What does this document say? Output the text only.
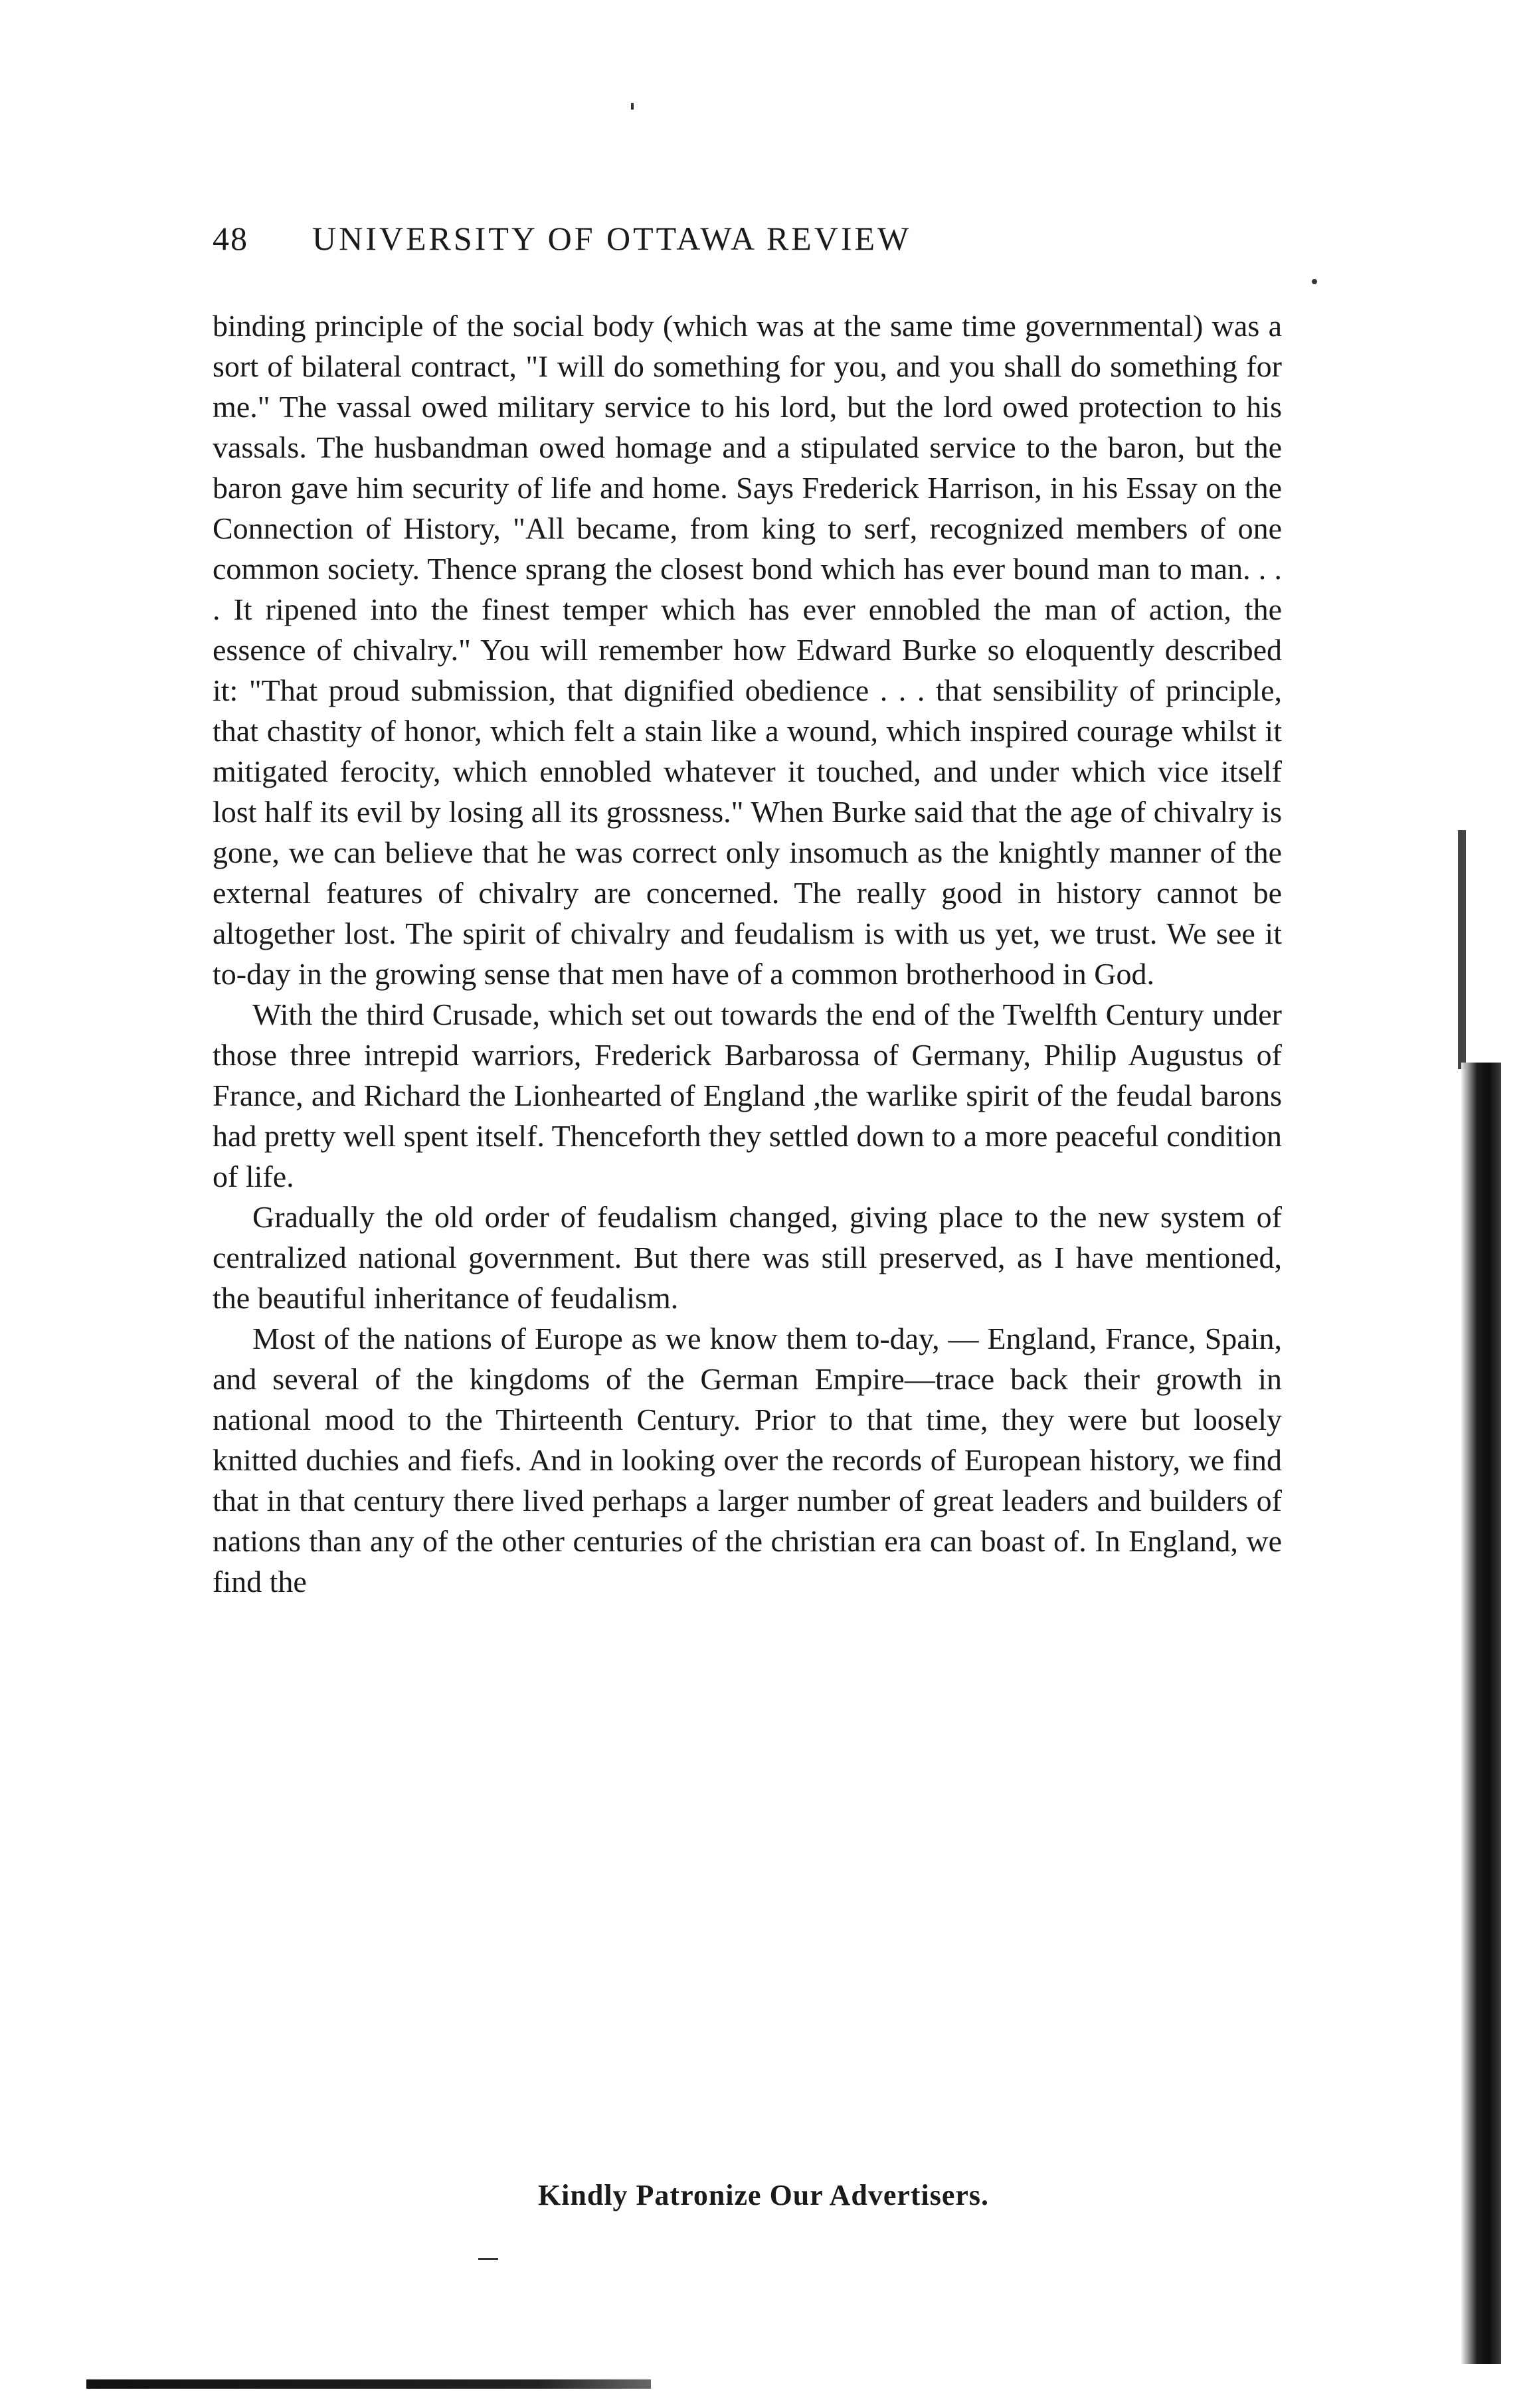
48	UNIVERSITY OF OTTAWA REVIEW

binding principle of the social body (which was at the same time governmental) was a sort of bilateral contract, "I will do something for you, and you shall do something for me." The vassal owed military service to his lord, but the lord owed protection to his vassals. The husbandman owed homage and a stipulated service to the baron, but the baron gave him security of life and home. Says Frederick Harrison, in his Essay on the Connection of History, "All became, from king to serf, recognized members of one common society. Thence sprang the closest bond which has ever bound man to man. . . . It ripened into the finest temper which has ever ennobled the man of action, the essence of chivalry." You will remember how Edward Burke so eloquently described it: "That proud submission, that dignified obedience . . . that sensibility of principle, that chastity of honor, which felt a stain like a wound, which inspired courage whilst it mitigated ferocity, which ennobled whatever it touched, and under which vice itself lost half its evil by losing all its grossness." When Burke said that the age of chivalry is gone, we can believe that he was correct only insomuch as the knightly manner of the external features of chivalry are concerned. The really good in history cannot be altogether lost. The spirit of chivalry and feudalism is with us yet, we trust. We see it to-day in the growing sense that men have of a common brotherhood in God.

With the third Crusade, which set out towards the end of the Twelfth Century under those three intrepid warriors, Frederick Barbarossa of Germany, Philip Augustus of France, and Richard the Lionhearted of England ,the warlike spirit of the feudal barons had pretty well spent itself. Thenceforth they settled down to a more peaceful condition of life.

Gradually the old order of feudalism changed, giving place to the new system of centralized national government. But there was still preserved, as I have mentioned, the beautiful inheritance of feudalism.

Most of the nations of Europe as we know them to-day, — England, France, Spain, and several of the kingdoms of the German Empire—trace back their growth in national mood to the Thirteenth Century. Prior to that time, they were but loosely knitted duchies and fiefs. And in looking over the records of European history, we find that in that century there lived perhaps a larger number of great leaders and builders of nations than any of the other centuries of the christian era can boast of. In England, we find the

Kindly Patronize Our Advertisers.
